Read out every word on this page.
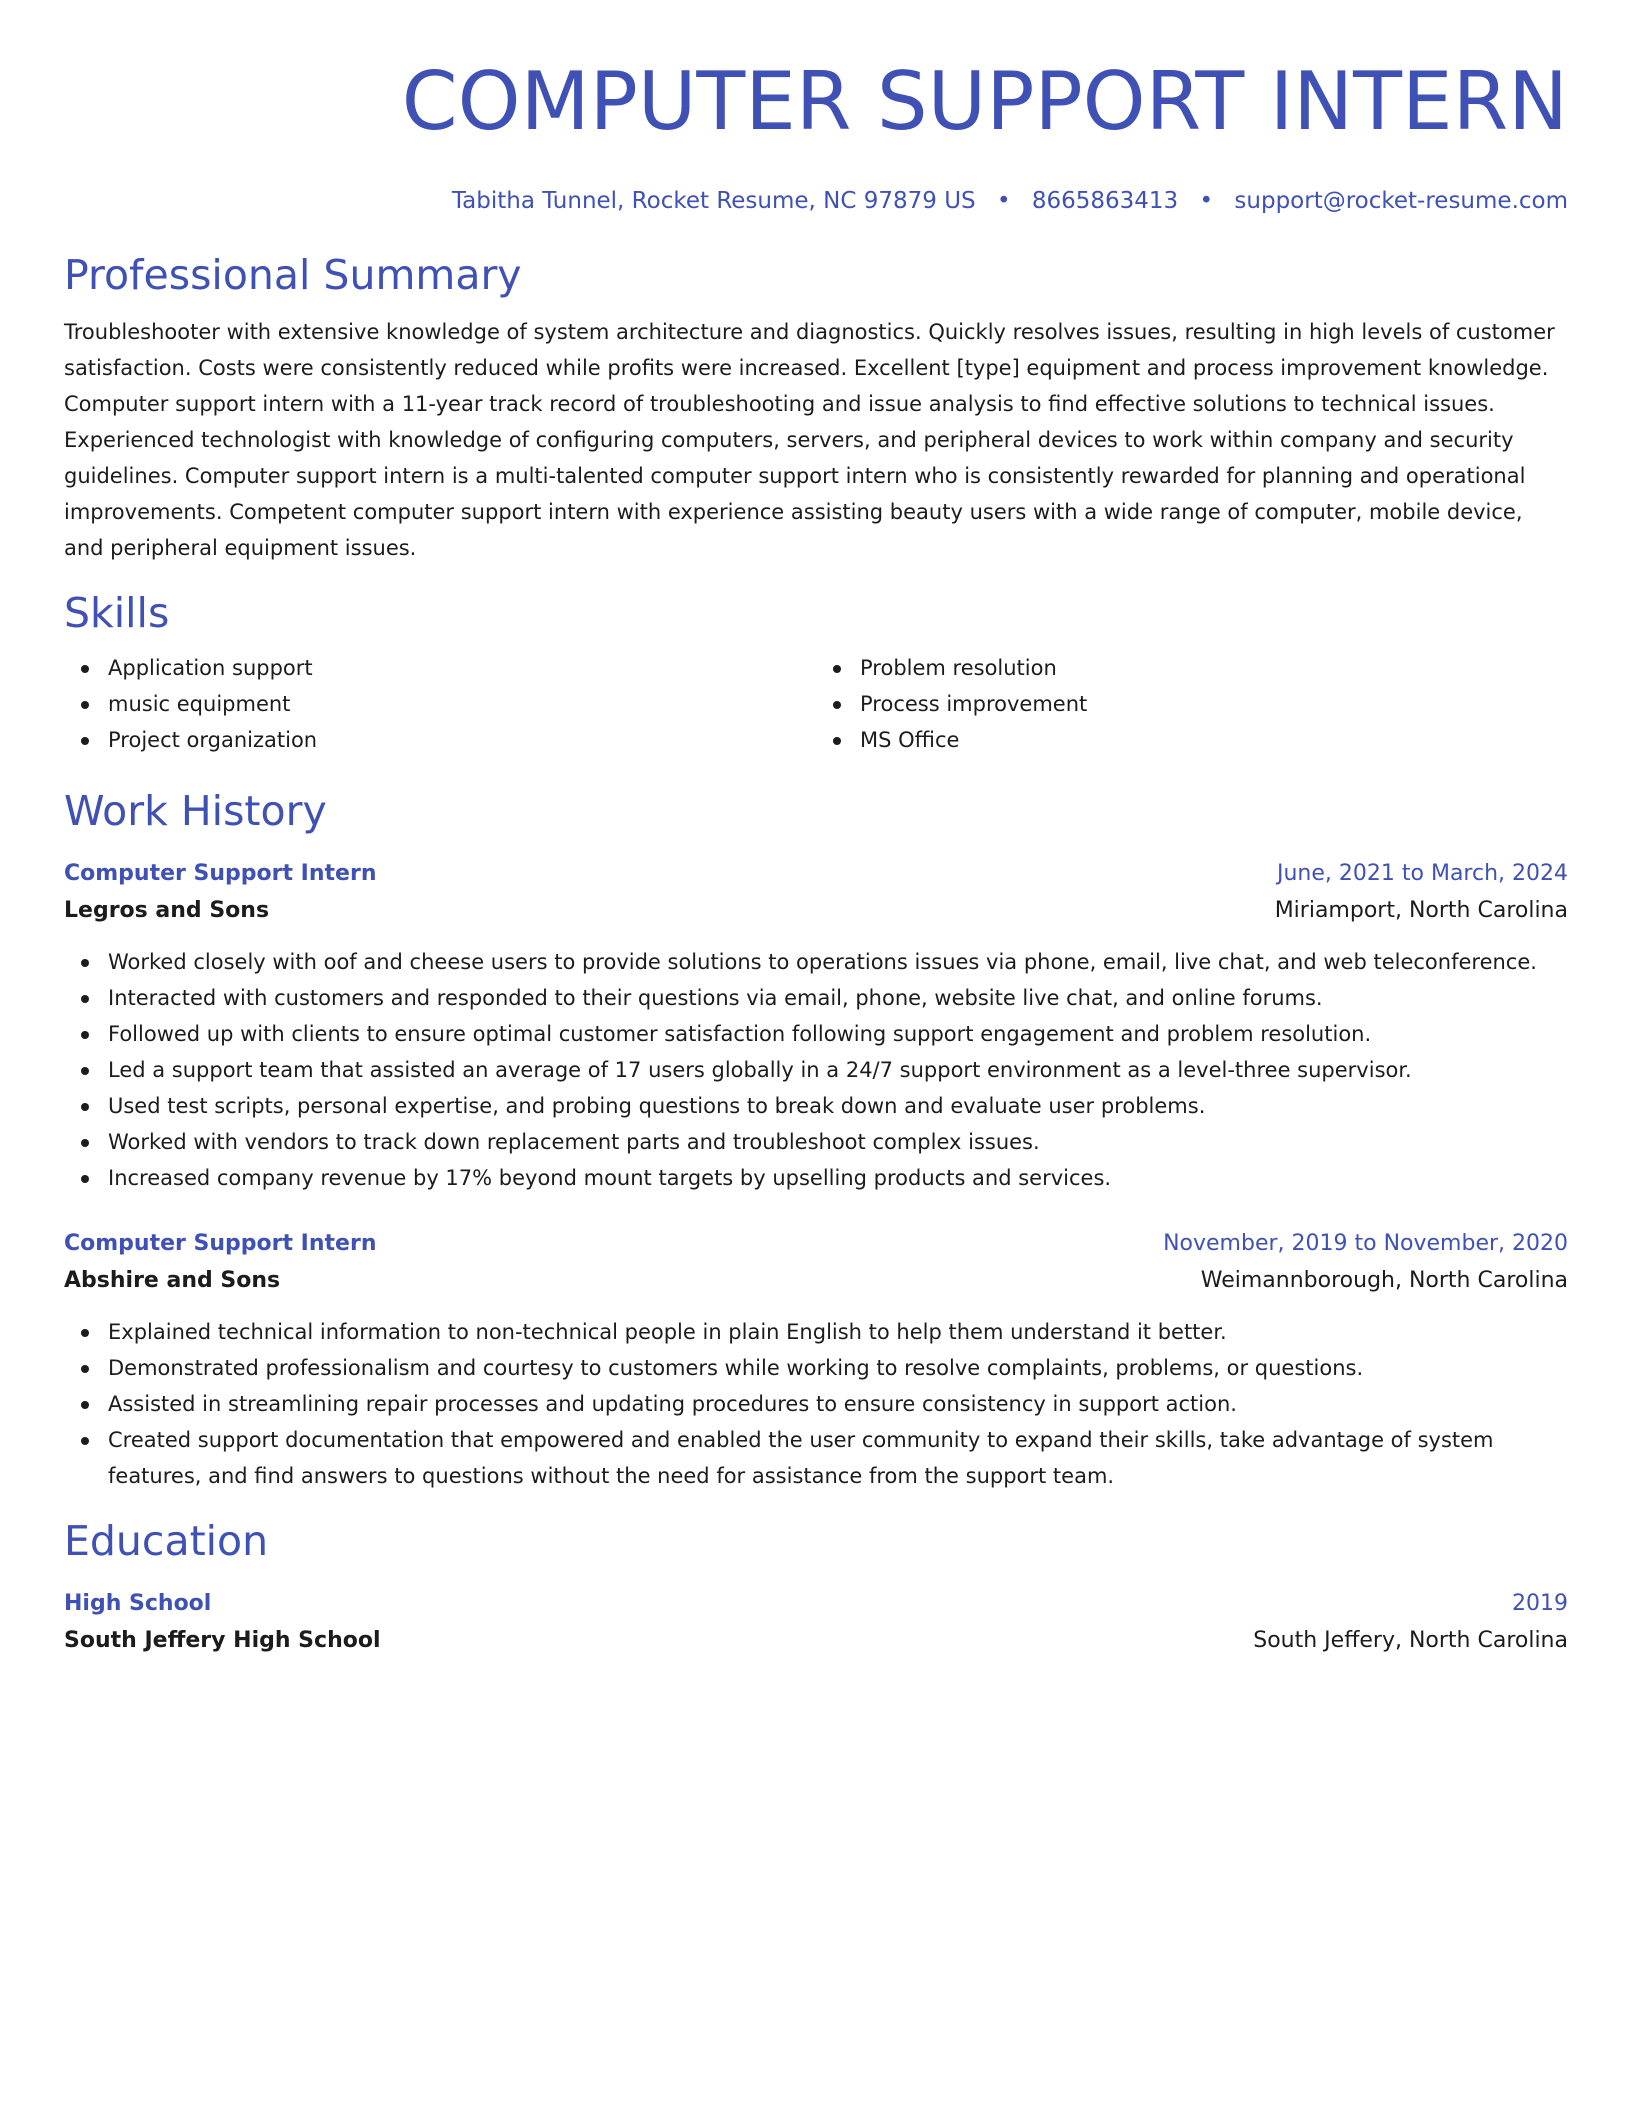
COMPUTER SUPPORT INTERN
Tabitha Tunnel, Rocket Resume, NC 97879 US • 8665863413 • support@rocket-resume.com
Professional Summary
Troubleshooter with extensive knowledge of system architecture and diagnostics. Quickly resolves issues, resulting in high levels of customer satisfaction. Costs were consistently reduced while profits were increased. Excellent [type] equipment and process improvement knowledge. Computer support intern with a 11-year track record of troubleshooting and issue analysis to find effective solutions to technical issues. Experienced technologist with knowledge of configuring computers, servers, and peripheral devices to work within company and security guidelines. Computer support intern is a multi-talented computer support intern who is consistently rewarded for planning and operational improvements. Competent computer support intern with experience assisting beauty users with a wide range of computer, mobile device, and peripheral equipment issues.
Skills
Application support
music equipment
Project organization
Problem resolution
Process improvement
MS Office
Work History
Computer Support Intern	June, 2021 to March, 2024
Legros and Sons	Miriamport, North Carolina
Worked closely with oof and cheese users to provide solutions to operations issues via phone, email, live chat, and web teleconference.
Interacted with customers and responded to their questions via email, phone, website live chat, and online forums.
Followed up with clients to ensure optimal customer satisfaction following support engagement and problem resolution.
Led a support team that assisted an average of 17 users globally in a 24/7 support environment as a level-three supervisor.
Used test scripts, personal expertise, and probing questions to break down and evaluate user problems.
Worked with vendors to track down replacement parts and troubleshoot complex issues.
Increased company revenue by 17% beyond mount targets by upselling products and services.
Computer Support Intern	November, 2019 to November, 2020
Abshire and Sons	Weimannborough, North Carolina
Explained technical information to non-technical people in plain English to help them understand it better.
Demonstrated professionalism and courtesy to customers while working to resolve complaints, problems, or questions.
Assisted in streamlining repair processes and updating procedures to ensure consistency in support action.
Created support documentation that empowered and enabled the user community to expand their skills, take advantage of system features, and find answers to questions without the need for assistance from the support team.
Education
High School	2019
South Jeffery High School	South Jeffery, North Carolina
